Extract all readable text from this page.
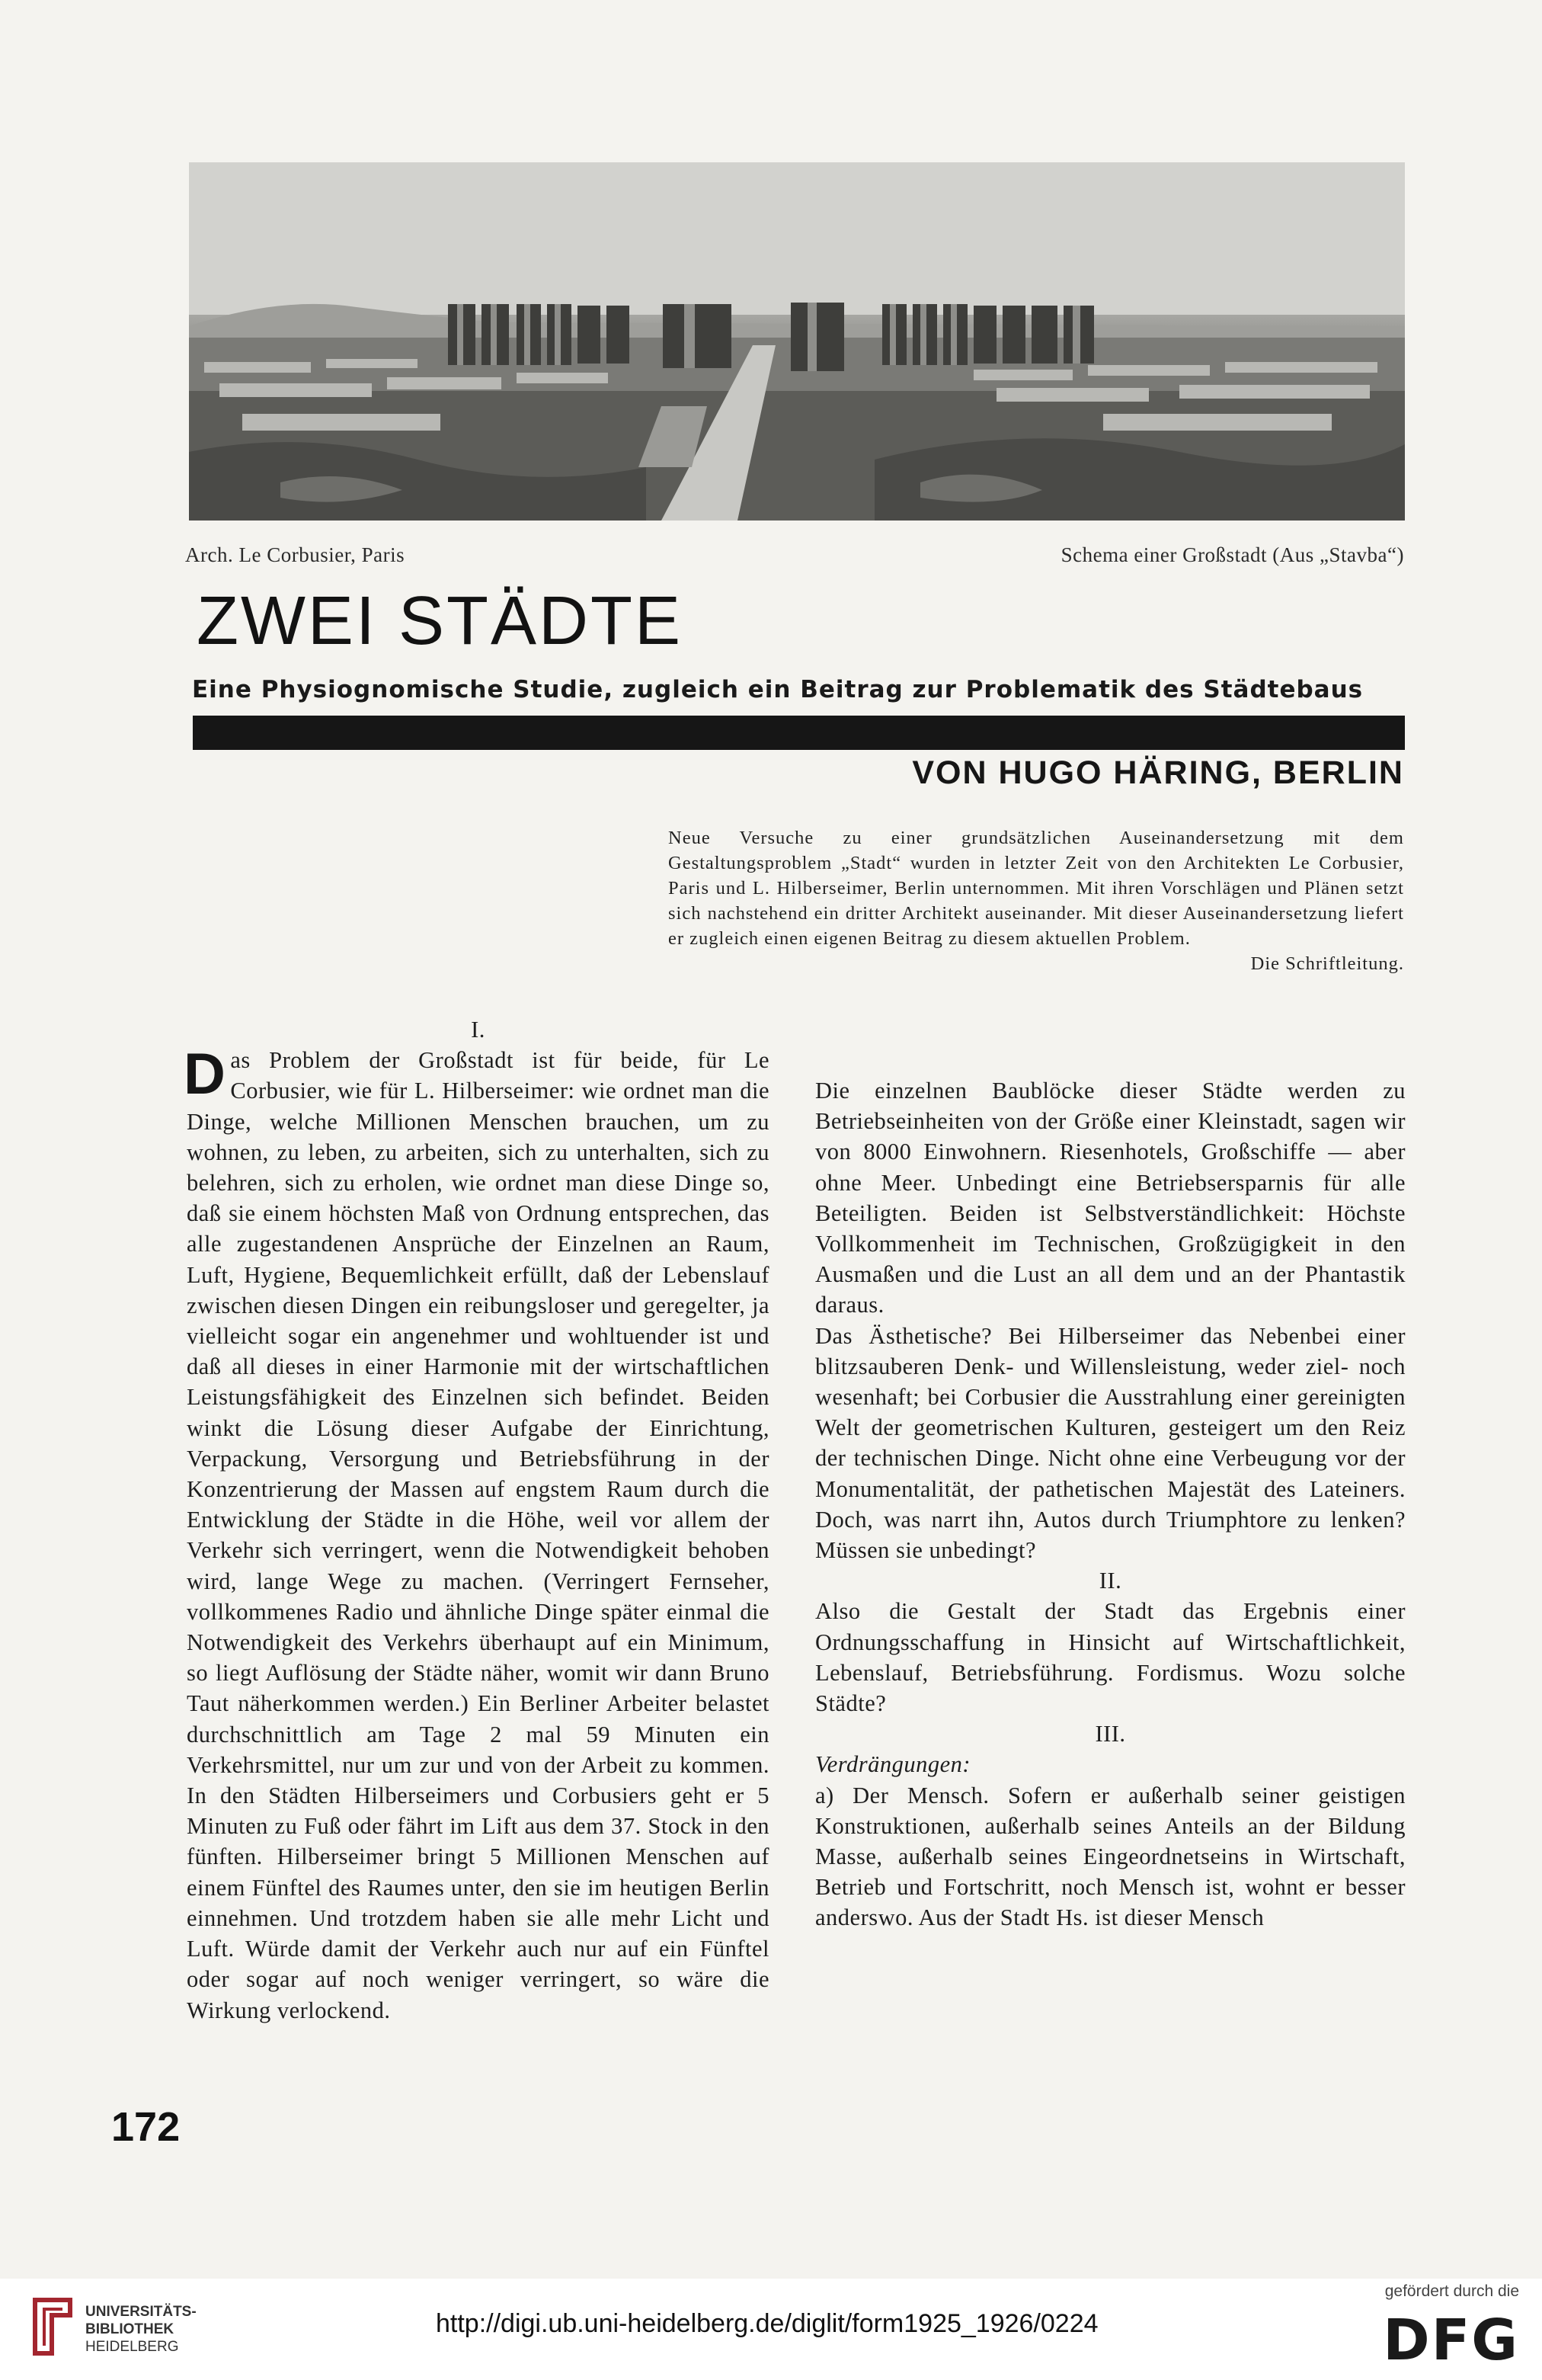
Arch. Le Corbusier, Paris	Schema einer Großstadt (Aus „Stavba“)
ZWEI STÄDTE
Eine Physiognomische Studie, zugleich ein Beitrag zur Problematik des Städtebaus
VON HUGO HÄRING, BERLIN
Neue Versuche zu einer grundsätzlichen Auseinandersetzung mit dem Gestaltungsproblem „Stadt“ wurden in letzter Zeit von den Architekten Le Corbusier, Paris und L. Hilberseimer, Berlin unternommen. Mit ihren Vorschlägen und Plänen setzt sich nachstehend ein dritter Architekt auseinander. Mit dieser Auseinandersetzung liefert er zugleich einen eigenen Beitrag zu diesem aktuellen Problem.
Die Schriftleitung.

I.

Das Problem der Großstadt ist für beide, für Le Corbusier, wie für L. Hilberseimer: wie ordnet man die Dinge, welche Millionen Menschen brauchen, um zu wohnen, zu leben, zu arbeiten, sich zu unterhalten, sich zu belehren, sich zu erholen, wie ordnet man diese Dinge so, daß sie einem höchsten Maß von Ordnung entsprechen, das alle zugestandenen Ansprüche der Einzelnen an Raum, Luft, Hygiene, Bequemlichkeit erfüllt, daß der Lebenslauf zwischen diesen Dingen ein reibungsloser und geregelter, ja vielleicht sogar ein angenehmer und wohltuender ist und daß all dieses in einer Harmonie mit der wirtschaftlichen Leistungsfähigkeit des Einzelnen sich befindet. Beiden winkt die Lösung dieser Aufgabe der Einrichtung, Verpackung, Versorgung und Betriebsführung in der Konzentrierung der Massen auf engstem Raum durch die Entwicklung der Städte in die Höhe, weil vor allem der Verkehr sich verringert, wenn die Notwendigkeit behoben wird, lange Wege zu machen. (Verringert Fernseher, vollkommenes Radio und ähnliche Dinge später einmal die Notwendigkeit des Verkehrs überhaupt auf ein Minimum, so liegt Auflösung der Städte näher, womit wir dann Bruno Taut näherkommen werden.) Ein Berliner Arbeiter belastet durchschnittlich am Tage 2 mal 59 Minuten ein Verkehrsmittel, nur um zur und von der Arbeit zu kommen. In den Städten Hilberseimers und Corbusiers geht er 5 Minuten zu Fuß oder fährt im Lift aus dem 37. Stock in den fünften. Hilberseimer bringt 5 Millionen Menschen auf einem Fünftel des Raumes unter, den sie im heutigen Berlin einnehmen. Und trotzdem haben sie alle mehr Licht und Luft. Würde damit der Verkehr auch nur auf ein Fünftel oder sogar auf noch weniger verringert, so wäre die Wirkung verlockend.

Die einzelnen Baublöcke dieser Städte werden zu Betriebseinheiten von der Größe einer Kleinstadt, sagen wir von 8000 Einwohnern. Riesenhotels, Großschiffe — aber ohne Meer. Unbedingt eine Betriebsersparnis für alle Beteiligten. Beiden ist Selbstverständlichkeit: Höchste Vollkommenheit im Technischen, Großzügigkeit in den Ausmaßen und die Lust an all dem und an der Phantastik daraus.

Das Ästhetische? Bei Hilberseimer das Nebenbei einer blitzsauberen Denk- und Willensleistung, weder ziel- noch wesenhaft; bei Corbusier die Ausstrahlung einer gereinigten Welt der geometrischen Kulturen, gesteigert um den Reiz der technischen Dinge. Nicht ohne eine Verbeugung vor der Monumentalität, der pathetischen Majestät des Lateiners. Doch, was narrt ihn, Autos durch Triumphtore zu lenken? Müssen sie unbedingt?

II.

Also die Gestalt der Stadt das Ergebnis einer Ordnungsschaffung in Hinsicht auf Wirtschaftlichkeit, Lebenslauf, Betriebsführung. Fordismus. Wozu solche Städte?

III.

Verdrängungen:

a) Der Mensch. Sofern er außerhalb seiner geistigen Konstruktionen, außerhalb seines Anteils an der Bildung Masse, außerhalb seines Eingeordnetseins in Wirtschaft, Betrieb und Fortschritt, noch Mensch ist, wohnt er besser anderswo. Aus der Stadt Hs. ist dieser Mensch

172
UNIVERSITÄTS-
BIBLIOTHEK
HEIDELBERG
http://digi.ub.uni-heidelberg.de/diglit/form1925_1926/0224
gefördert durch die
DFG
